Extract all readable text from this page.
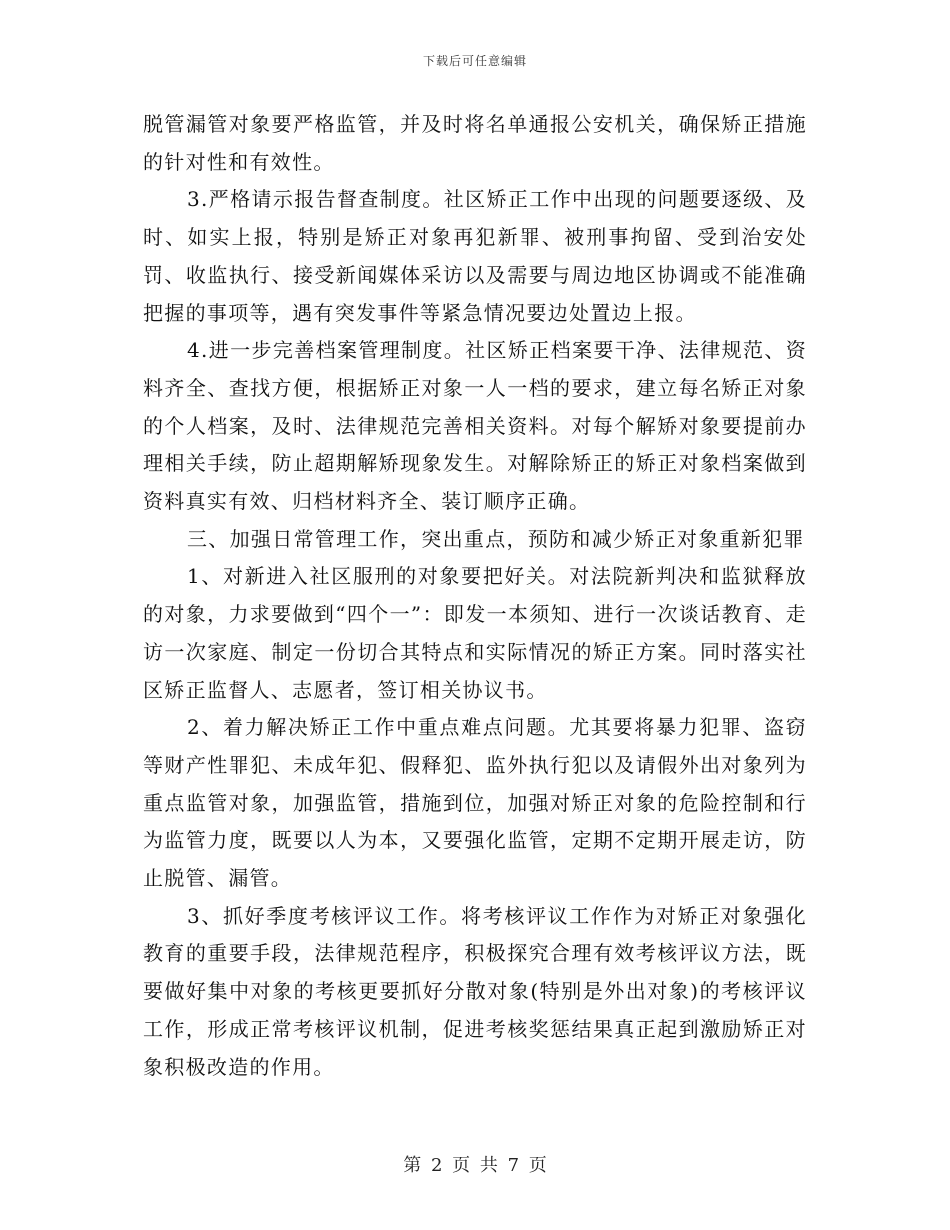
下载后可任意编辑

脱管漏管对象要严格监管，并及时将名单通报公安机关，确保矫正措施的针对性和有效性。

3.严格请示报告督查制度。社区矫正工作中出现的问题要逐级、及时、如实上报，特别是矫正对象再犯新罪、被刑事拘留、受到治安处罚、收监执行、接受新闻媒体采访以及需要与周边地区协调或不能准确把握的事项等，遇有突发事件等紧急情况要边处置边上报。

4.进一步完善档案管理制度。社区矫正档案要干净、法律规范、资料齐全、查找方便，根据矫正对象一人一档的要求，建立每名矫正对象的个人档案，及时、法律规范完善相关资料。对每个解矫对象要提前办理相关手续，防止超期解矫现象发生。对解除矫正的矫正对象档案做到资料真实有效、归档材料齐全、装订顺序正确。

三、加强日常管理工作，突出重点，预防和减少矫正对象重新犯罪

1、对新进入社区服刑的对象要把好关。对法院新判决和监狱释放的对象，力求要做到“四个一”：即发一本须知、进行一次谈话教育、走访一次家庭、制定一份切合其特点和实际情况的矫正方案。同时落实社区矫正监督人、志愿者，签订相关协议书。

2、着力解决矫正工作中重点难点问题。尤其要将暴力犯罪、盗窃等财产性罪犯、未成年犯、假释犯、监外执行犯以及请假外出对象列为重点监管对象，加强监管，措施到位，加强对矫正对象的危险控制和行为监管力度，既要以人为本，又要强化监管，定期不定期开展走访，防止脱管、漏管。

3、抓好季度考核评议工作。将考核评议工作作为对矫正对象强化教育的重要手段，法律规范程序，积极探究合理有效考核评议方法，既要做好集中对象的考核更要抓好分散对象(特别是外出对象)的考核评议工作，形成正常考核评议机制，促进考核奖惩结果真正起到激励矫正对象积极改造的作用。

第 2 页 共 7 页
